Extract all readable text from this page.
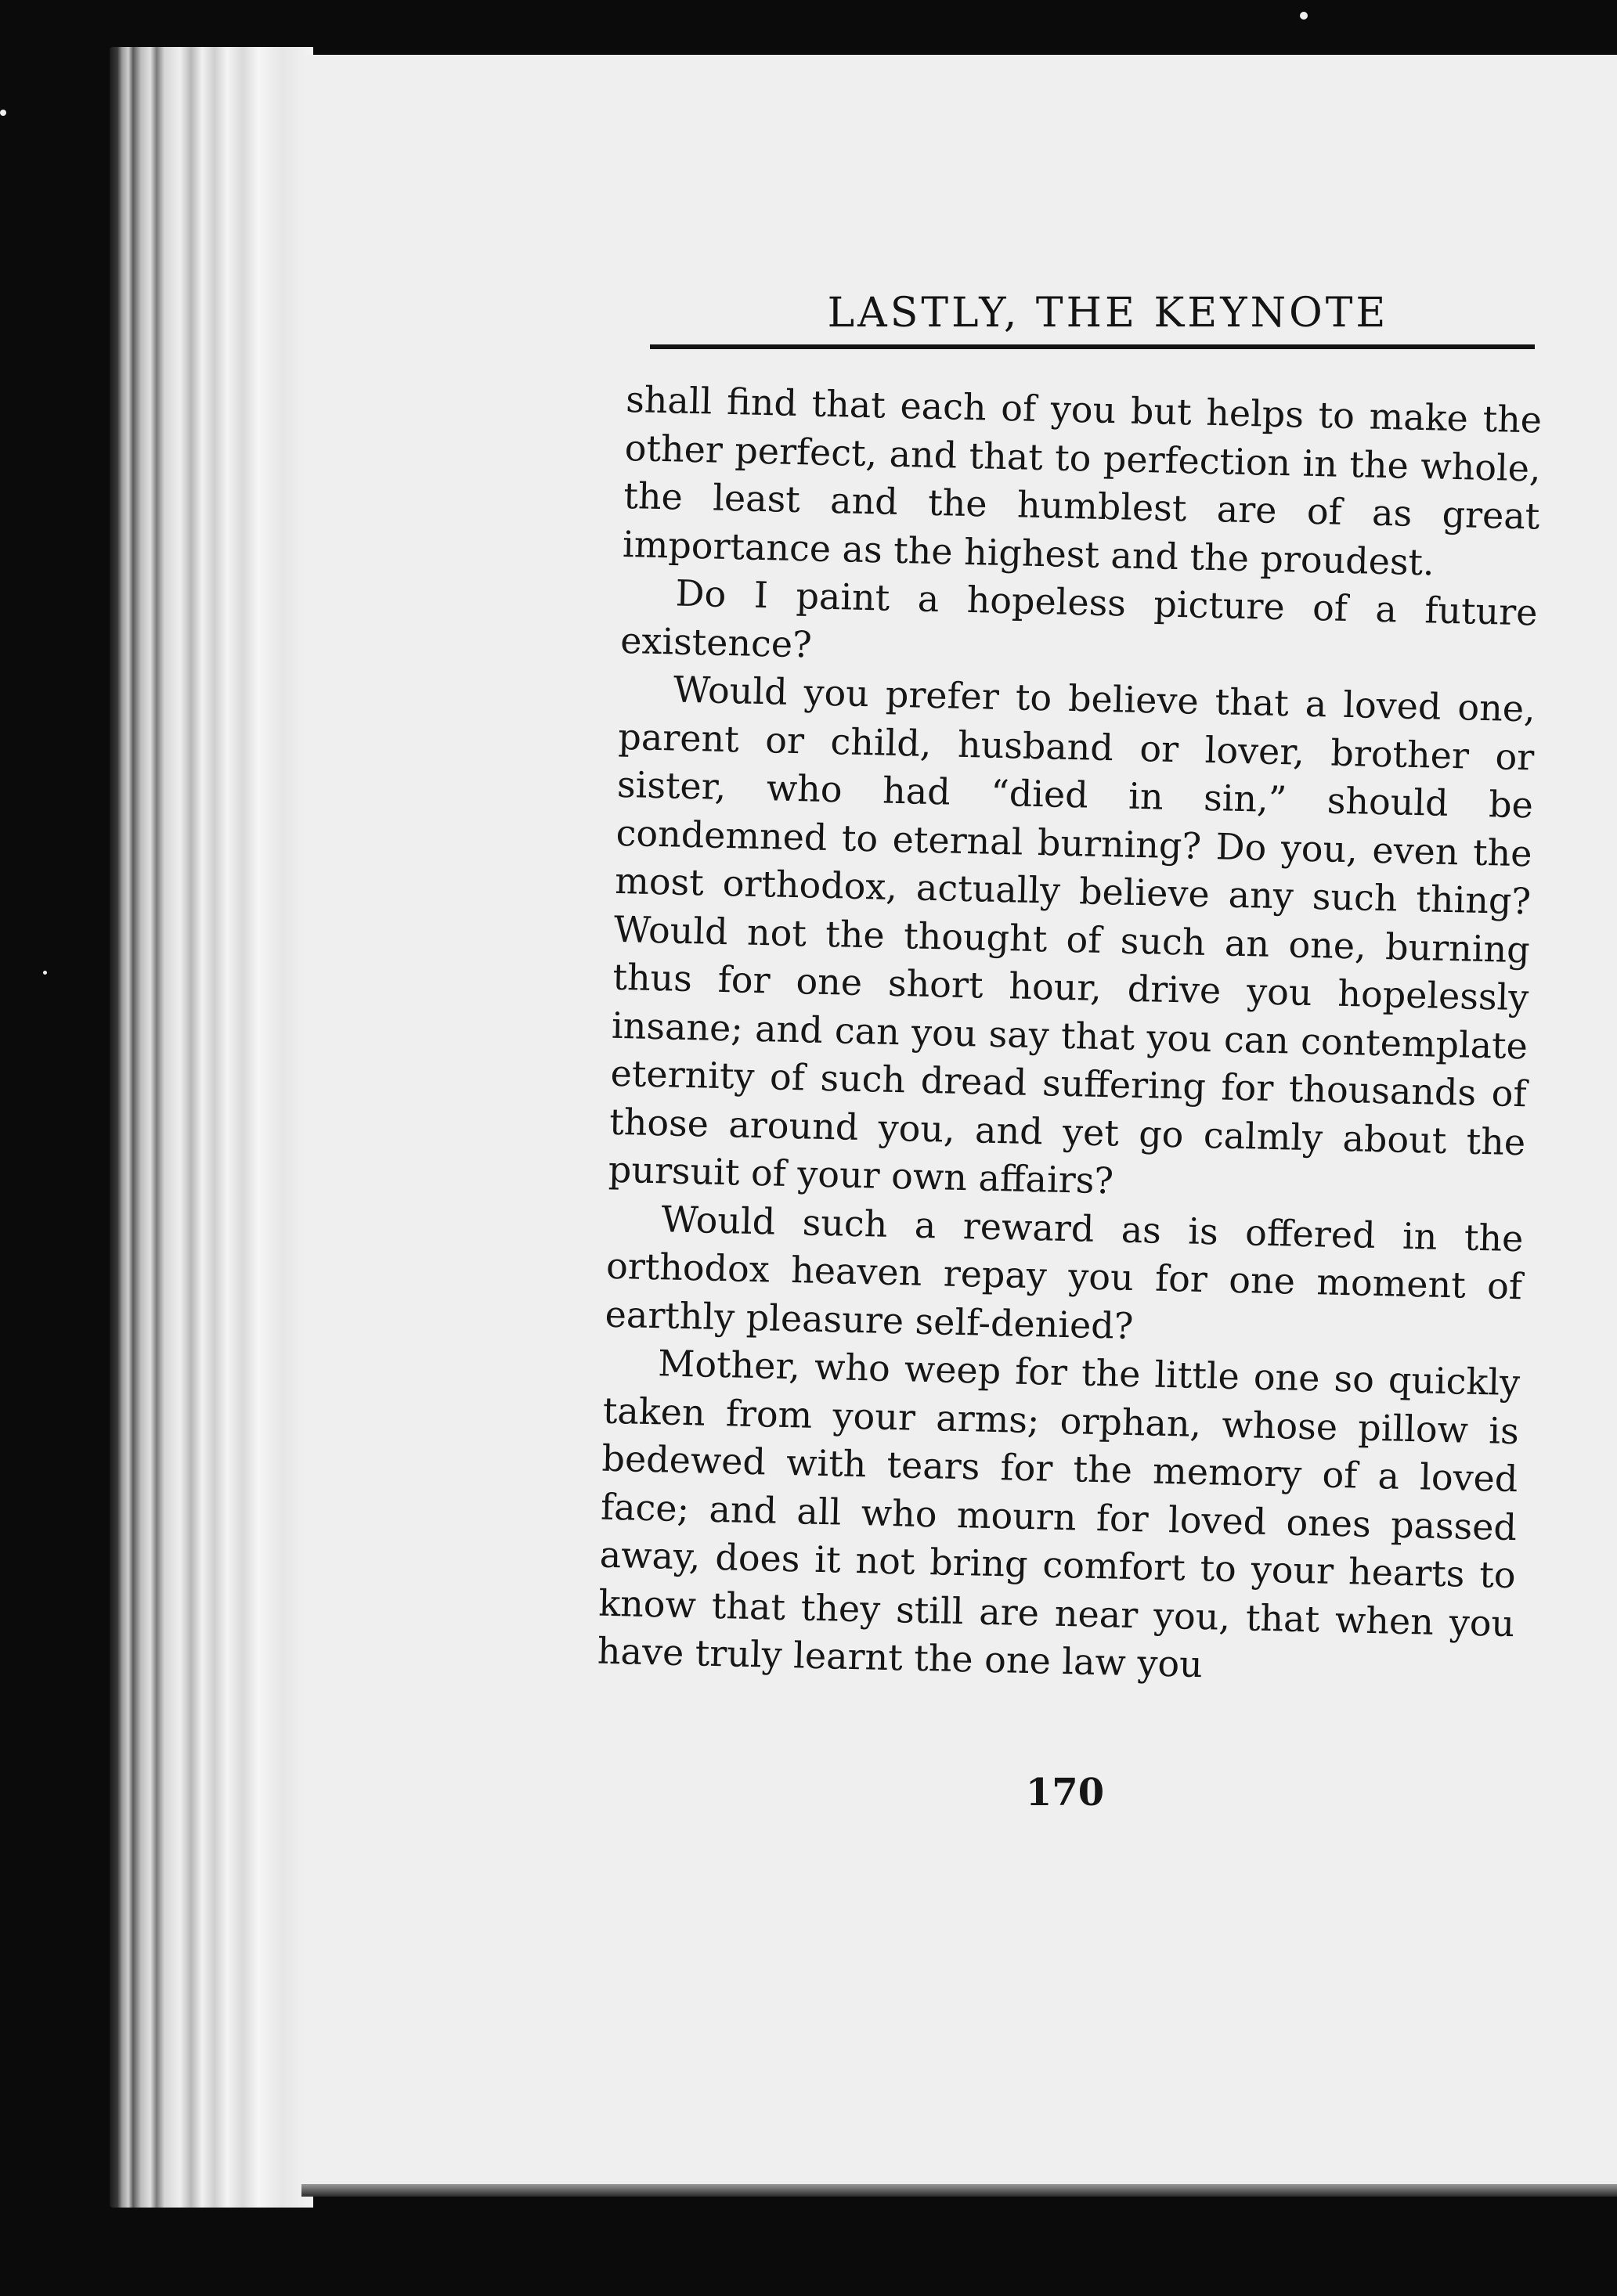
LASTLY, THE KEYNOTE

shall find that each of you but helps to make the other perfect, and that to perfection in the whole, the least and the humblest are of as great importance as the highest and the proudest.

Do I paint a hopeless picture of a future existence?

Would you prefer to believe that a loved one, parent or child, husband or lover, brother or sister, who had “died in sin,” should be condemned to eternal burning? Do you, even the most orthodox, actually believe any such thing? Would not the thought of such an one, burning thus for one short hour, drive you hopelessly insane; and can you say that you can contemplate eternity of such dread suffering for thousands of those around you, and yet go calmly about the pursuit of your own affairs?

Would such a reward as is offered in the orthodox heaven repay you for one moment of earthly pleasure self-denied?

Mother, who weep for the little one so quickly taken from your arms; orphan, whose pillow is bedewed with tears for the memory of a loved face; and all who mourn for loved ones passed away, does it not bring comfort to your hearts to know that they still are near you, that when you have truly learnt the one law you

170
